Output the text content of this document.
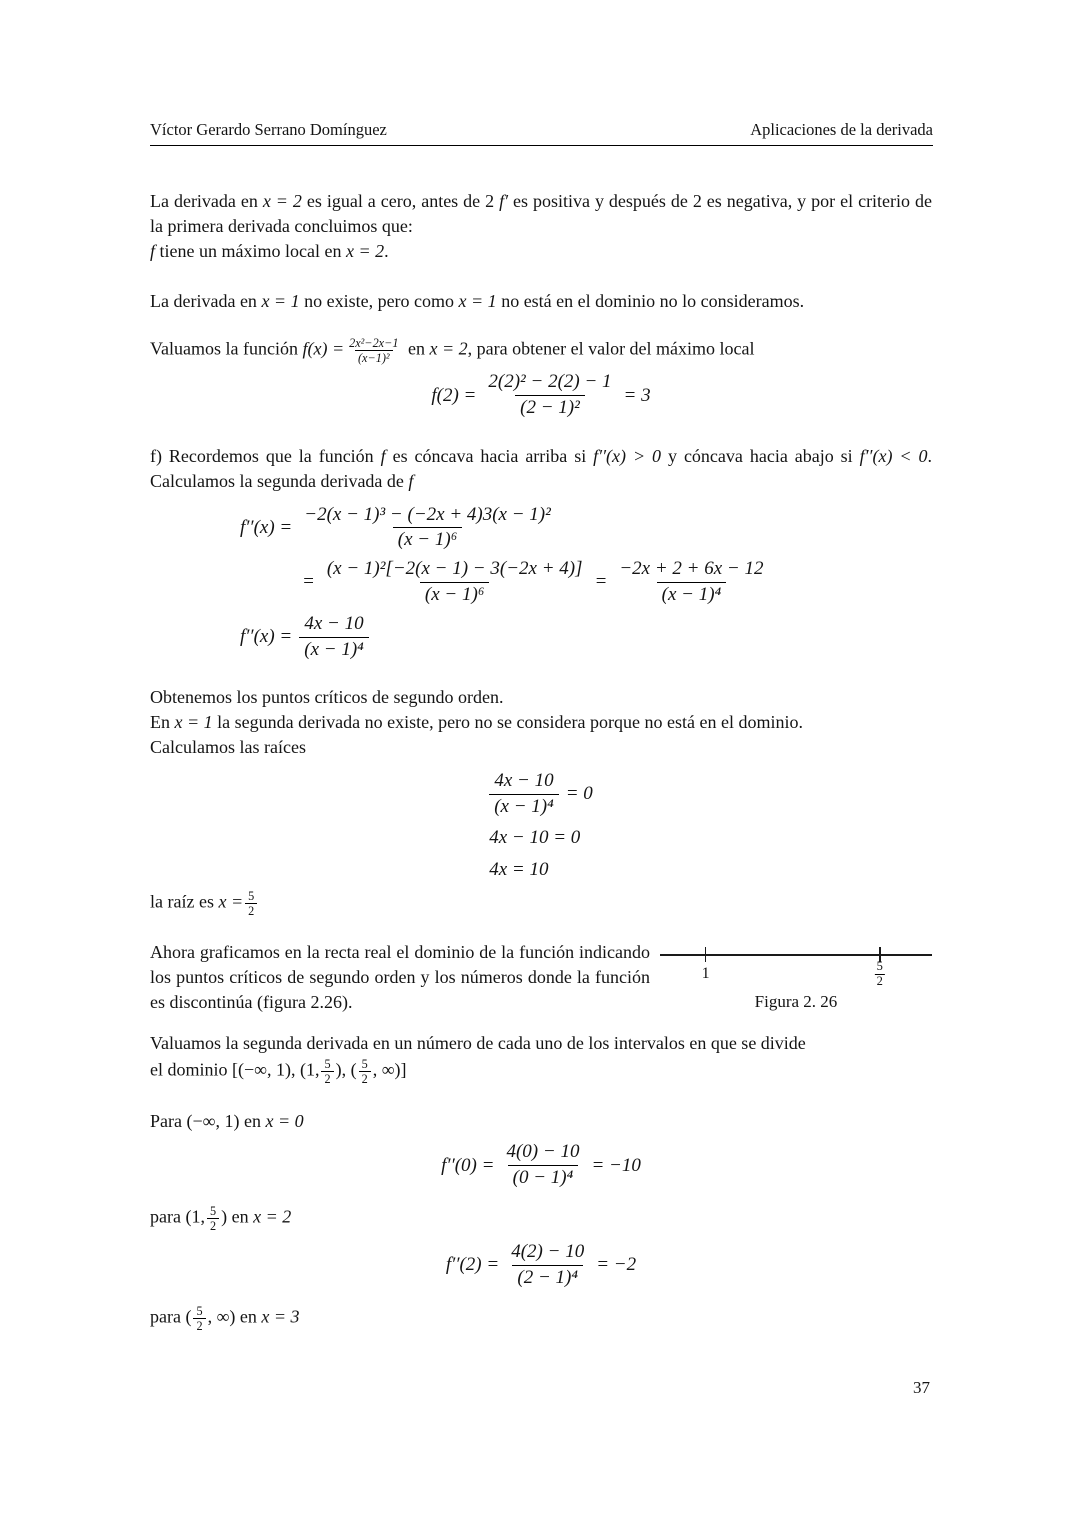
Víctor Gerardo Serrano Domínguez	Aplicaciones de la derivada

La derivada en x = 2 es igual a cero, antes de 2 f′ es positiva y después de 2 es negativa, y por el criterio de la primera derivada concluimos que:

f tiene un máximo local en x = 2.

La derivada en x = 1 no existe, pero como x = 1 no está en el dominio no lo consideramos.

Valuamos la función $f(x) = \frac{\text{2x²−2x−1}}{\text{(x−1)²}}$ en x = 2, para obtener el valor del máximo local

$f(2) = \frac{\text{2(2)² − 2(2) − 1}}{\text{(2 − 1)²}} = 3$

f) Recordemos que la función f es cóncava hacia arriba si f′′(x) > 0 y cóncava hacia abajo si f′′(x) < 0. Calculamos la segunda derivada de f

$f''(x) = \frac{\text{−2(x − 1)³ − (−2x + 4)3(x − 1)²}}{\text{(x − 1)⁶}}$
= $\frac{\text{(x − 1)²[−2(x − 1) − 3(−2x + 4)]}}{\text{(x − 1)⁶}} = \frac{-2x + 2 + 6x - 12}{\text{(x − 1)⁴}}$
$f''(x) = \frac{4x - 10}{\text{(x − 1)⁴}}$

Obtenemos los puntos críticos de segundo orden.

En x = 1 la segunda derivada no existe, pero no se considera porque no está en el dominio.

Calculamos las raíces

$\frac{4x - 10}{\text{(x − 1)⁴}} = 0$
4x − 10 = 0
4x = 10

la raíz es $x = \frac{5}{2}$

Ahora graficamos en la recta real el dominio de la función indicando los puntos críticos de segundo orden y los números donde la función es discontinúa (figura 2.26).

1	$\frac{5}{2}$
Figura 2. 26

Valuamos la segunda derivada en un número de cada uno de los intervalos en que se divide

el dominio [(−∞, 1), (1, $\frac{5}{2}$ ), ( $\frac{5}{2}$ , ∞)]

Para (−∞, 1) en x = 0

$f''(0) = \frac{4(0) - 10}{\text{(0 − 1)⁴}} = -10$

para (1, $\frac{5}{2}$ ) en x = 2

$f''(2) = \frac{4(2) - 10}{\text{(2 − 1)⁴}} = -2$

para ( $\frac{5}{2}$ , ∞) en x = 3

37
